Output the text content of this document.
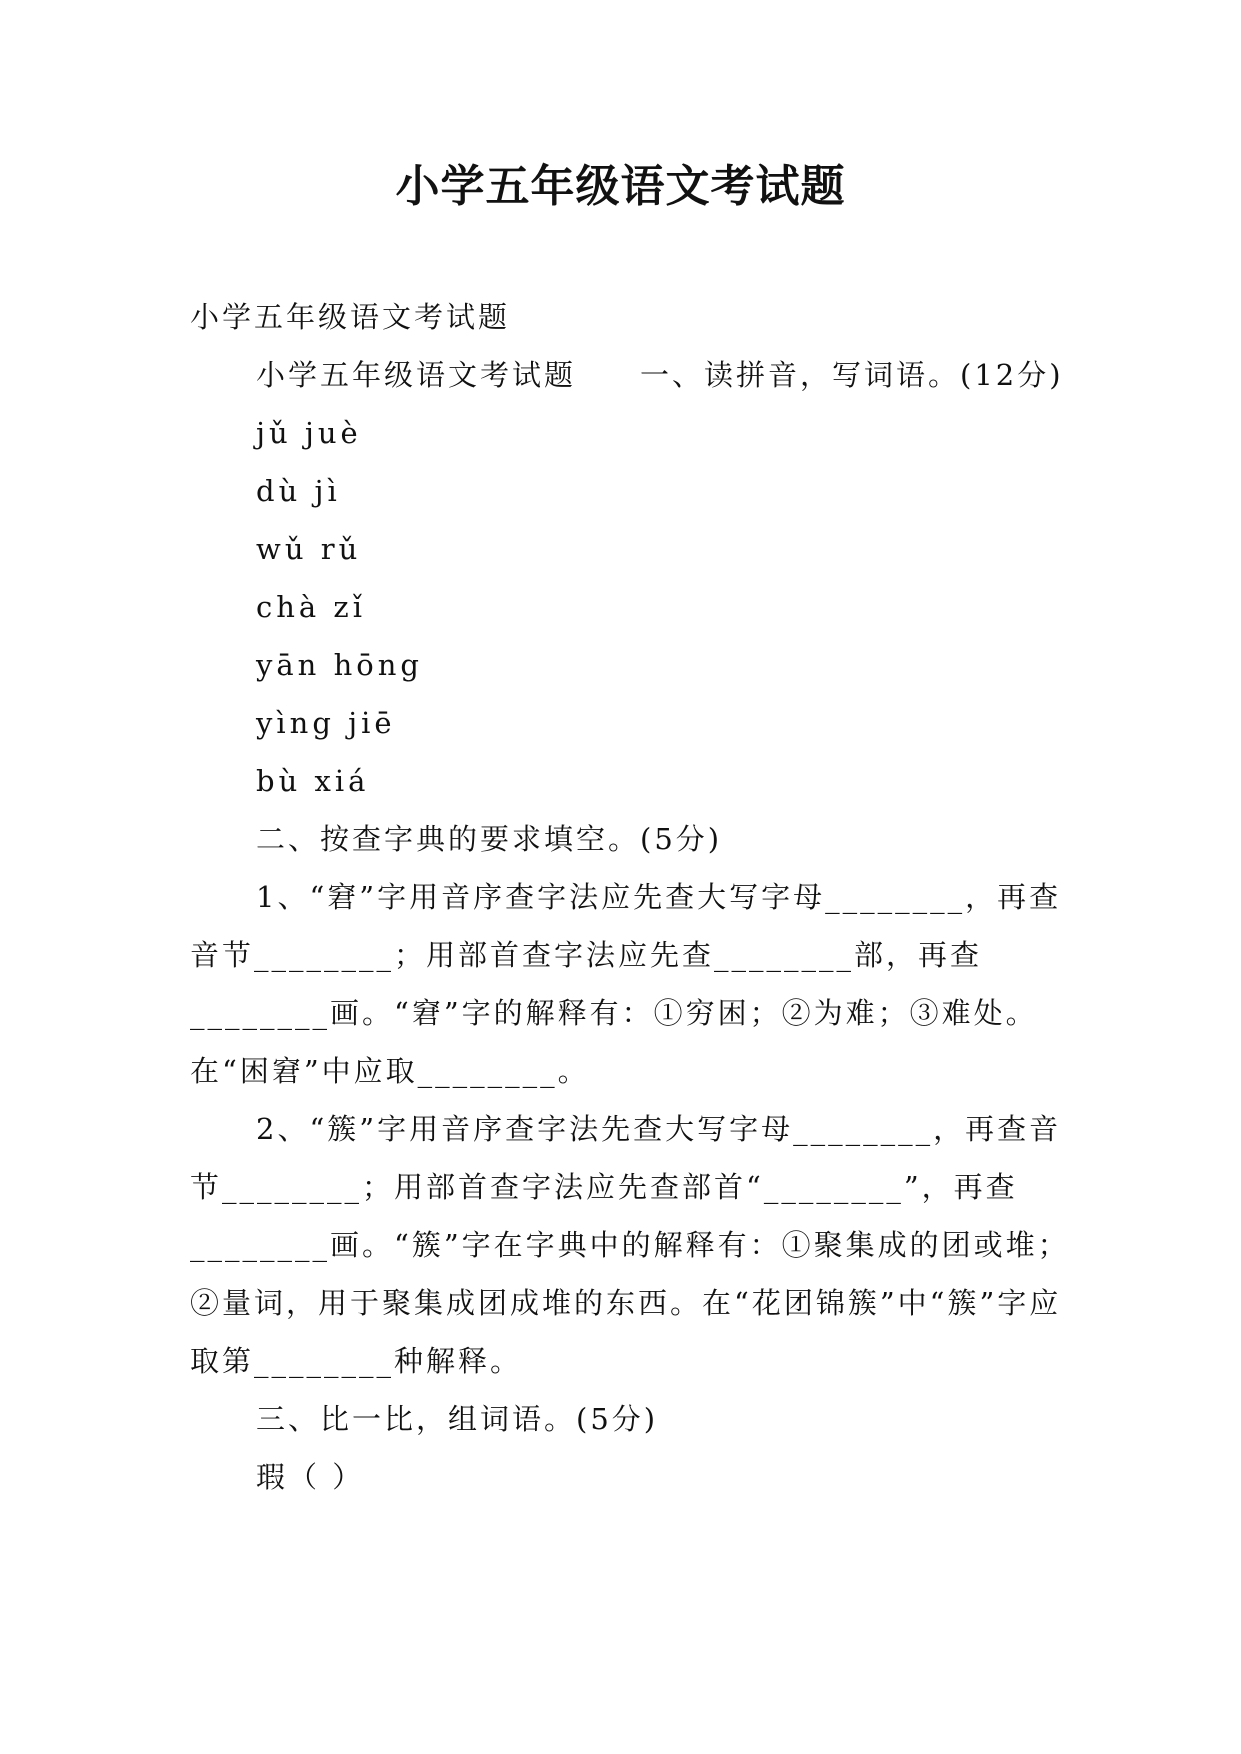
小学五年级语文考试题

小学五年级语文考试题

小学五年级语文考试题　　一、读拼音，写词语。(12分)

jǔ juè

dù jì

wǔ rǔ

chà zǐ

yān hōng

yìng jiē

bù xiá

二、按查字典的要求填空。(5分)

1、“窘”字用音序查字法应先查大写字母________，再查音节________；用部首查字法应先查________部，再查________画。“窘”字的解释有：①穷困；②为难；③难处。在“困窘”中应取________。

2、“簇”字用音序查字法先查大写字母________，再查音节________；用部首查字法应先查部首“________”，再查________画。“簇”字在字典中的解释有：①聚集成的团或堆；②量词，用于聚集成团成堆的东西。在“花团锦簇”中“簇”字应取第________种解释。

三、比一比，组词语。(5分)

瑕（ ）
